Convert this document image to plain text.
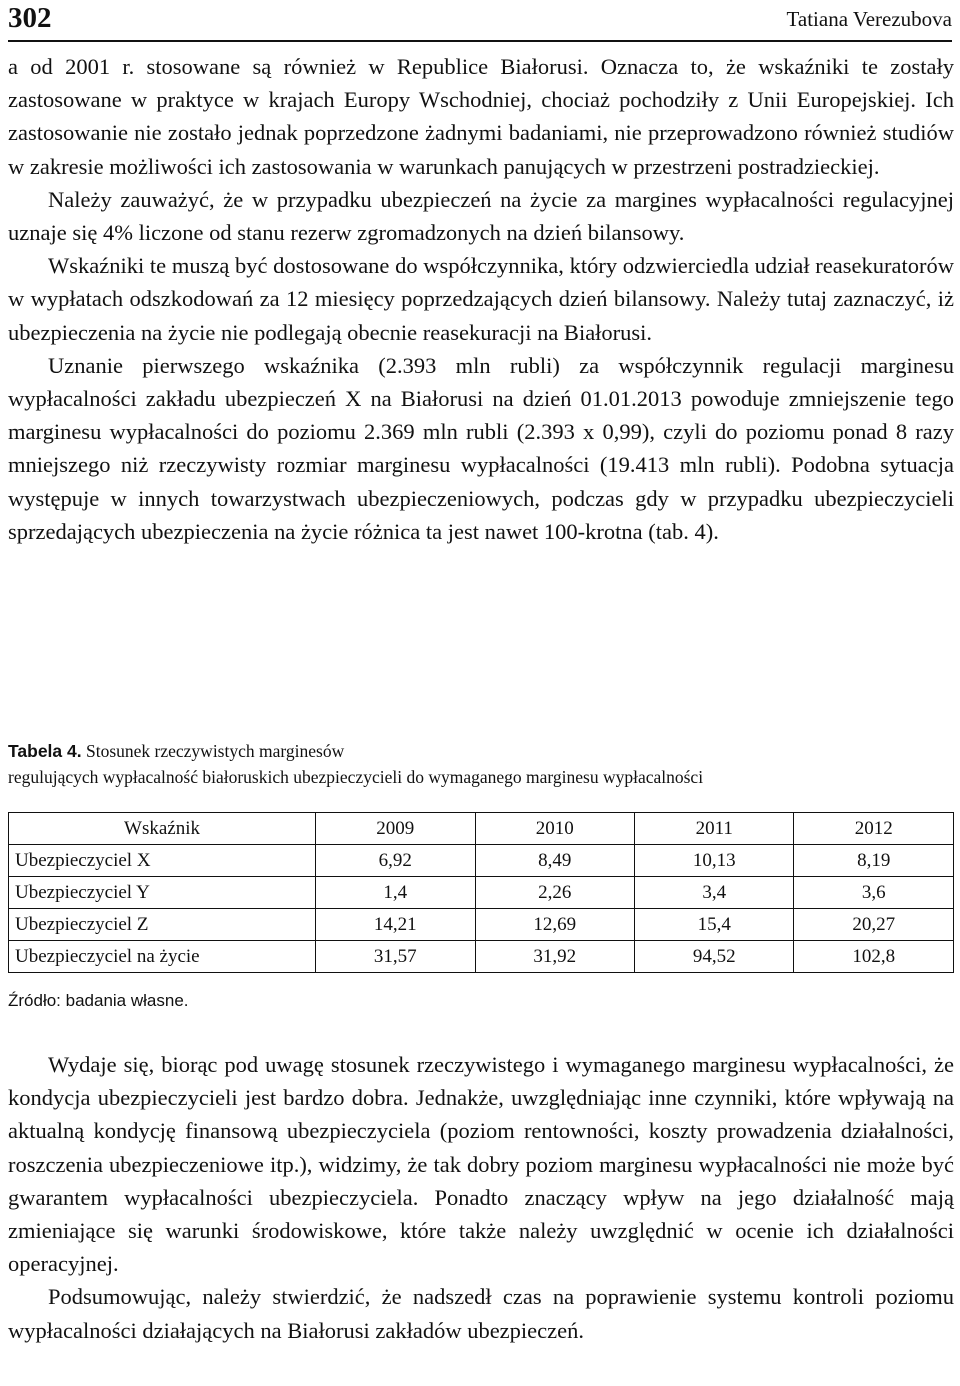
302	Tatiana Verezubova

a od 2001 r. stosowane są również w Republice Białorusi. Oznacza to, że wskaźniki te zostały zastosowane w praktyce w krajach Europy Wschodniej, chociaż pochodziły z Unii Europejskiej. Ich zastosowanie nie zostało jednak poprzedzone żadnymi badaniami, nie przeprowadzono również studiów w zakresie możliwości ich zastosowania w warunkach panujących w przestrzeni postradzieckiej.

Należy zauważyć, że w przypadku ubezpieczeń na życie za margines wypłacalności regulacyjnej uznaje się 4% liczone od stanu rezerw zgromadzonych na dzień bilansowy.

Wskaźniki te muszą być dostosowane do współczynnika, który odzwierciedla udział reasekuratorów w wypłatach odszkodowań za 12 miesięcy poprzedzających dzień bilansowy. Należy tutaj zaznaczyć, iż ubezpieczenia na życie nie podlegają obecnie reasekuracji na Białorusi.

Uznanie pierwszego wskaźnika (2.393 mln rubli) za współczynnik regulacji marginesu wypłacalności zakładu ubezpieczeń X na Białorusi na dzień 01.01.2013 powoduje zmniejszenie tego marginesu wypłacalności do poziomu 2.369 mln rubli (2.393 x 0,99), czyli do poziomu ponad 8 razy mniejszego niż rzeczywisty rozmiar marginesu wypłacalności (19.413 mln rubli). Podobna sytuacja występuje w innych towarzystwach ubezpieczeniowych, podczas gdy w przypadku ubezpieczycieli sprzedających ubezpieczenia na życie różnica ta jest nawet 100-krotna (tab. 4).

Tabela 4. Stosunek rzeczywistych marginesów
regulujących wypłacalność białoruskich ubezpieczycieli do wymaganego marginesu wypłacalności
Wskaźnik	2009	2010	2011	2012
Ubezpieczyciel X	6,92	8,49	10,13	8,19
Ubezpieczyciel Y	1,4	2,26	3,4	3,6
Ubezpieczyciel Z	14,21	12,69	15,4	20,27
Ubezpieczyciel na życie	31,57	31,92	94,52	102,8
Źródło: badania własne.

Wydaje się, biorąc pod uwagę stosunek rzeczywistego i wymaganego marginesu wypłacalności, że kondycja ubezpieczycieli jest bardzo dobra. Jednakże, uwzględniając inne czynniki, które wpływają na aktualną kondycję finansową ubezpieczyciela (poziom rentowności, koszty prowadzenia działalności, roszczenia ubezpieczeniowe itp.), widzimy, że tak dobry poziom marginesu wypłacalności nie może być gwarantem wypłacalności ubezpieczyciela. Ponadto znaczący wpływ na jego działalność mają zmieniające się warunki środowiskowe, które także należy uwzględnić w ocenie ich działalności operacyjnej.

Podsumowując, należy stwierdzić, że nadszedł czas na poprawienie systemu kontroli poziomu wypłacalności działających na Białorusi zakładów ubezpieczeń.
